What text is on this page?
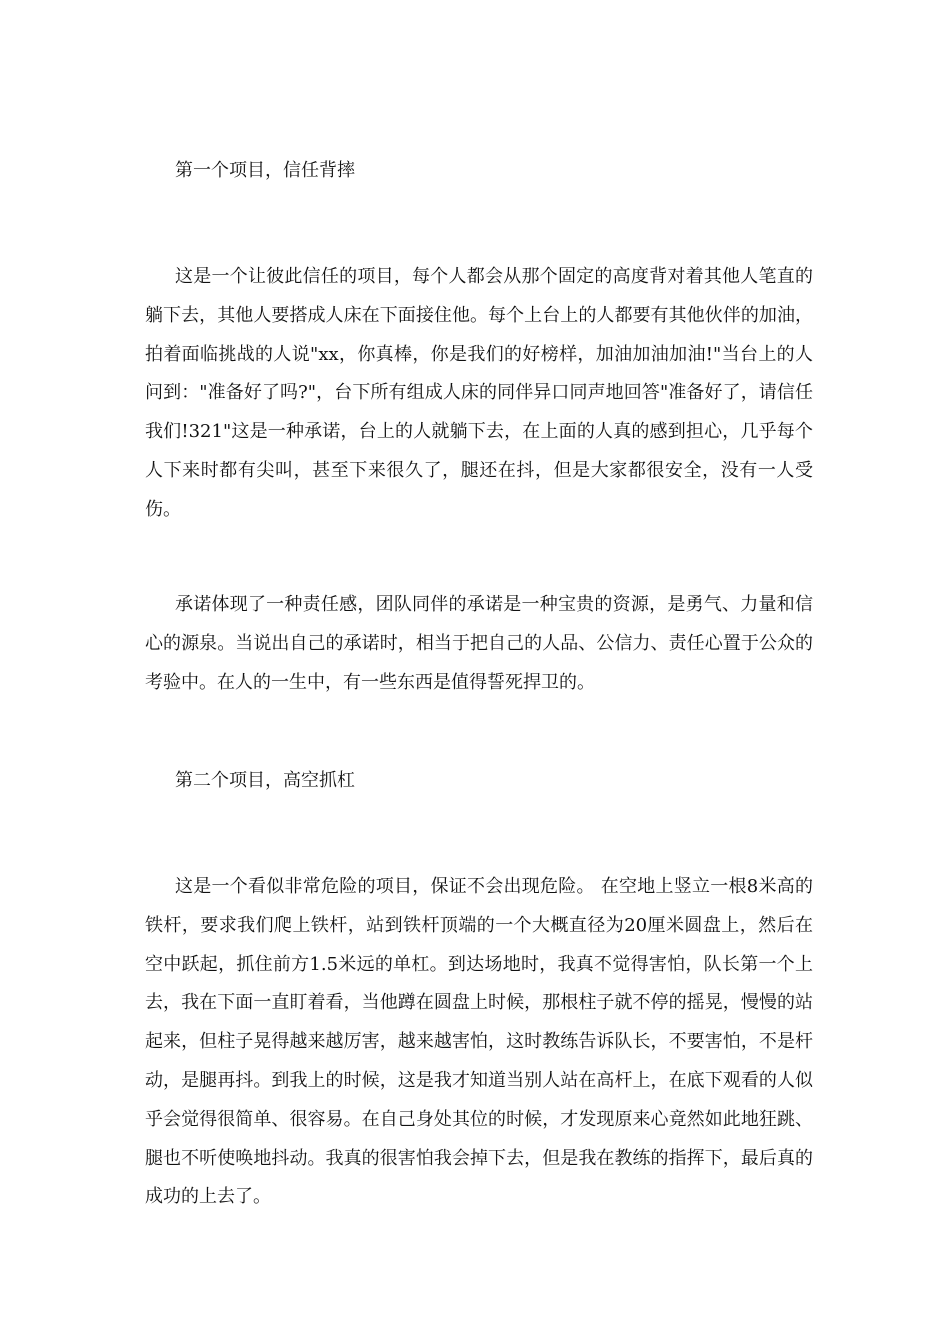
第一个项目，信任背摔

这是一个让彼此信任的项目，每个人都会从那个固定的高度背对着其他人笔直的躺下去，其他人要搭成人床在下面接住他。每个上台上的人都要有其他伙伴的加油，拍着面临挑战的人说"xx，你真棒，你是我们的好榜样，加油加油加油!"当台上的人问到："准备好了吗?"，台下所有组成人床的同伴异口同声地回答"准备好了，请信任我们!321"这是一种承诺，台上的人就躺下去，在上面的人真的感到担心，几乎每个人下来时都有尖叫，甚至下来很久了，腿还在抖，但是大家都很安全，没有一人受伤。

承诺体现了一种责任感，团队同伴的承诺是一种宝贵的资源，是勇气、力量和信心的源泉。当说出自己的承诺时，相当于把自己的人品、公信力、责任心置于公众的考验中。在人的一生中，有一些东西是值得誓死捍卫的。

第二个项目，高空抓杠

这是一个看似非常危险的项目，保证不会出现危险。 在空地上竖立一根8米高的铁杆，要求我们爬上铁杆，站到铁杆顶端的一个大概直径为20厘米圆盘上，然后在空中跃起，抓住前方1.5米远的单杠。到达场地时，我真不觉得害怕，队长第一个上去，我在下面一直盯着看，当他蹲在圆盘上时候，那根柱子就不停的摇晃，慢慢的站起来，但柱子晃得越来越厉害，越来越害怕，这时教练告诉队长，不要害怕，不是杆动，是腿再抖。到我上的时候，这是我才知道当别人站在高杆上，在底下观看的人似乎会觉得很简单、很容易。在自己身处其位的时候，才发现原来心竟然如此地狂跳、腿也不听使唤地抖动。我真的很害怕我会掉下去，但是我在教练的指挥下，最后真的成功的上去了。
